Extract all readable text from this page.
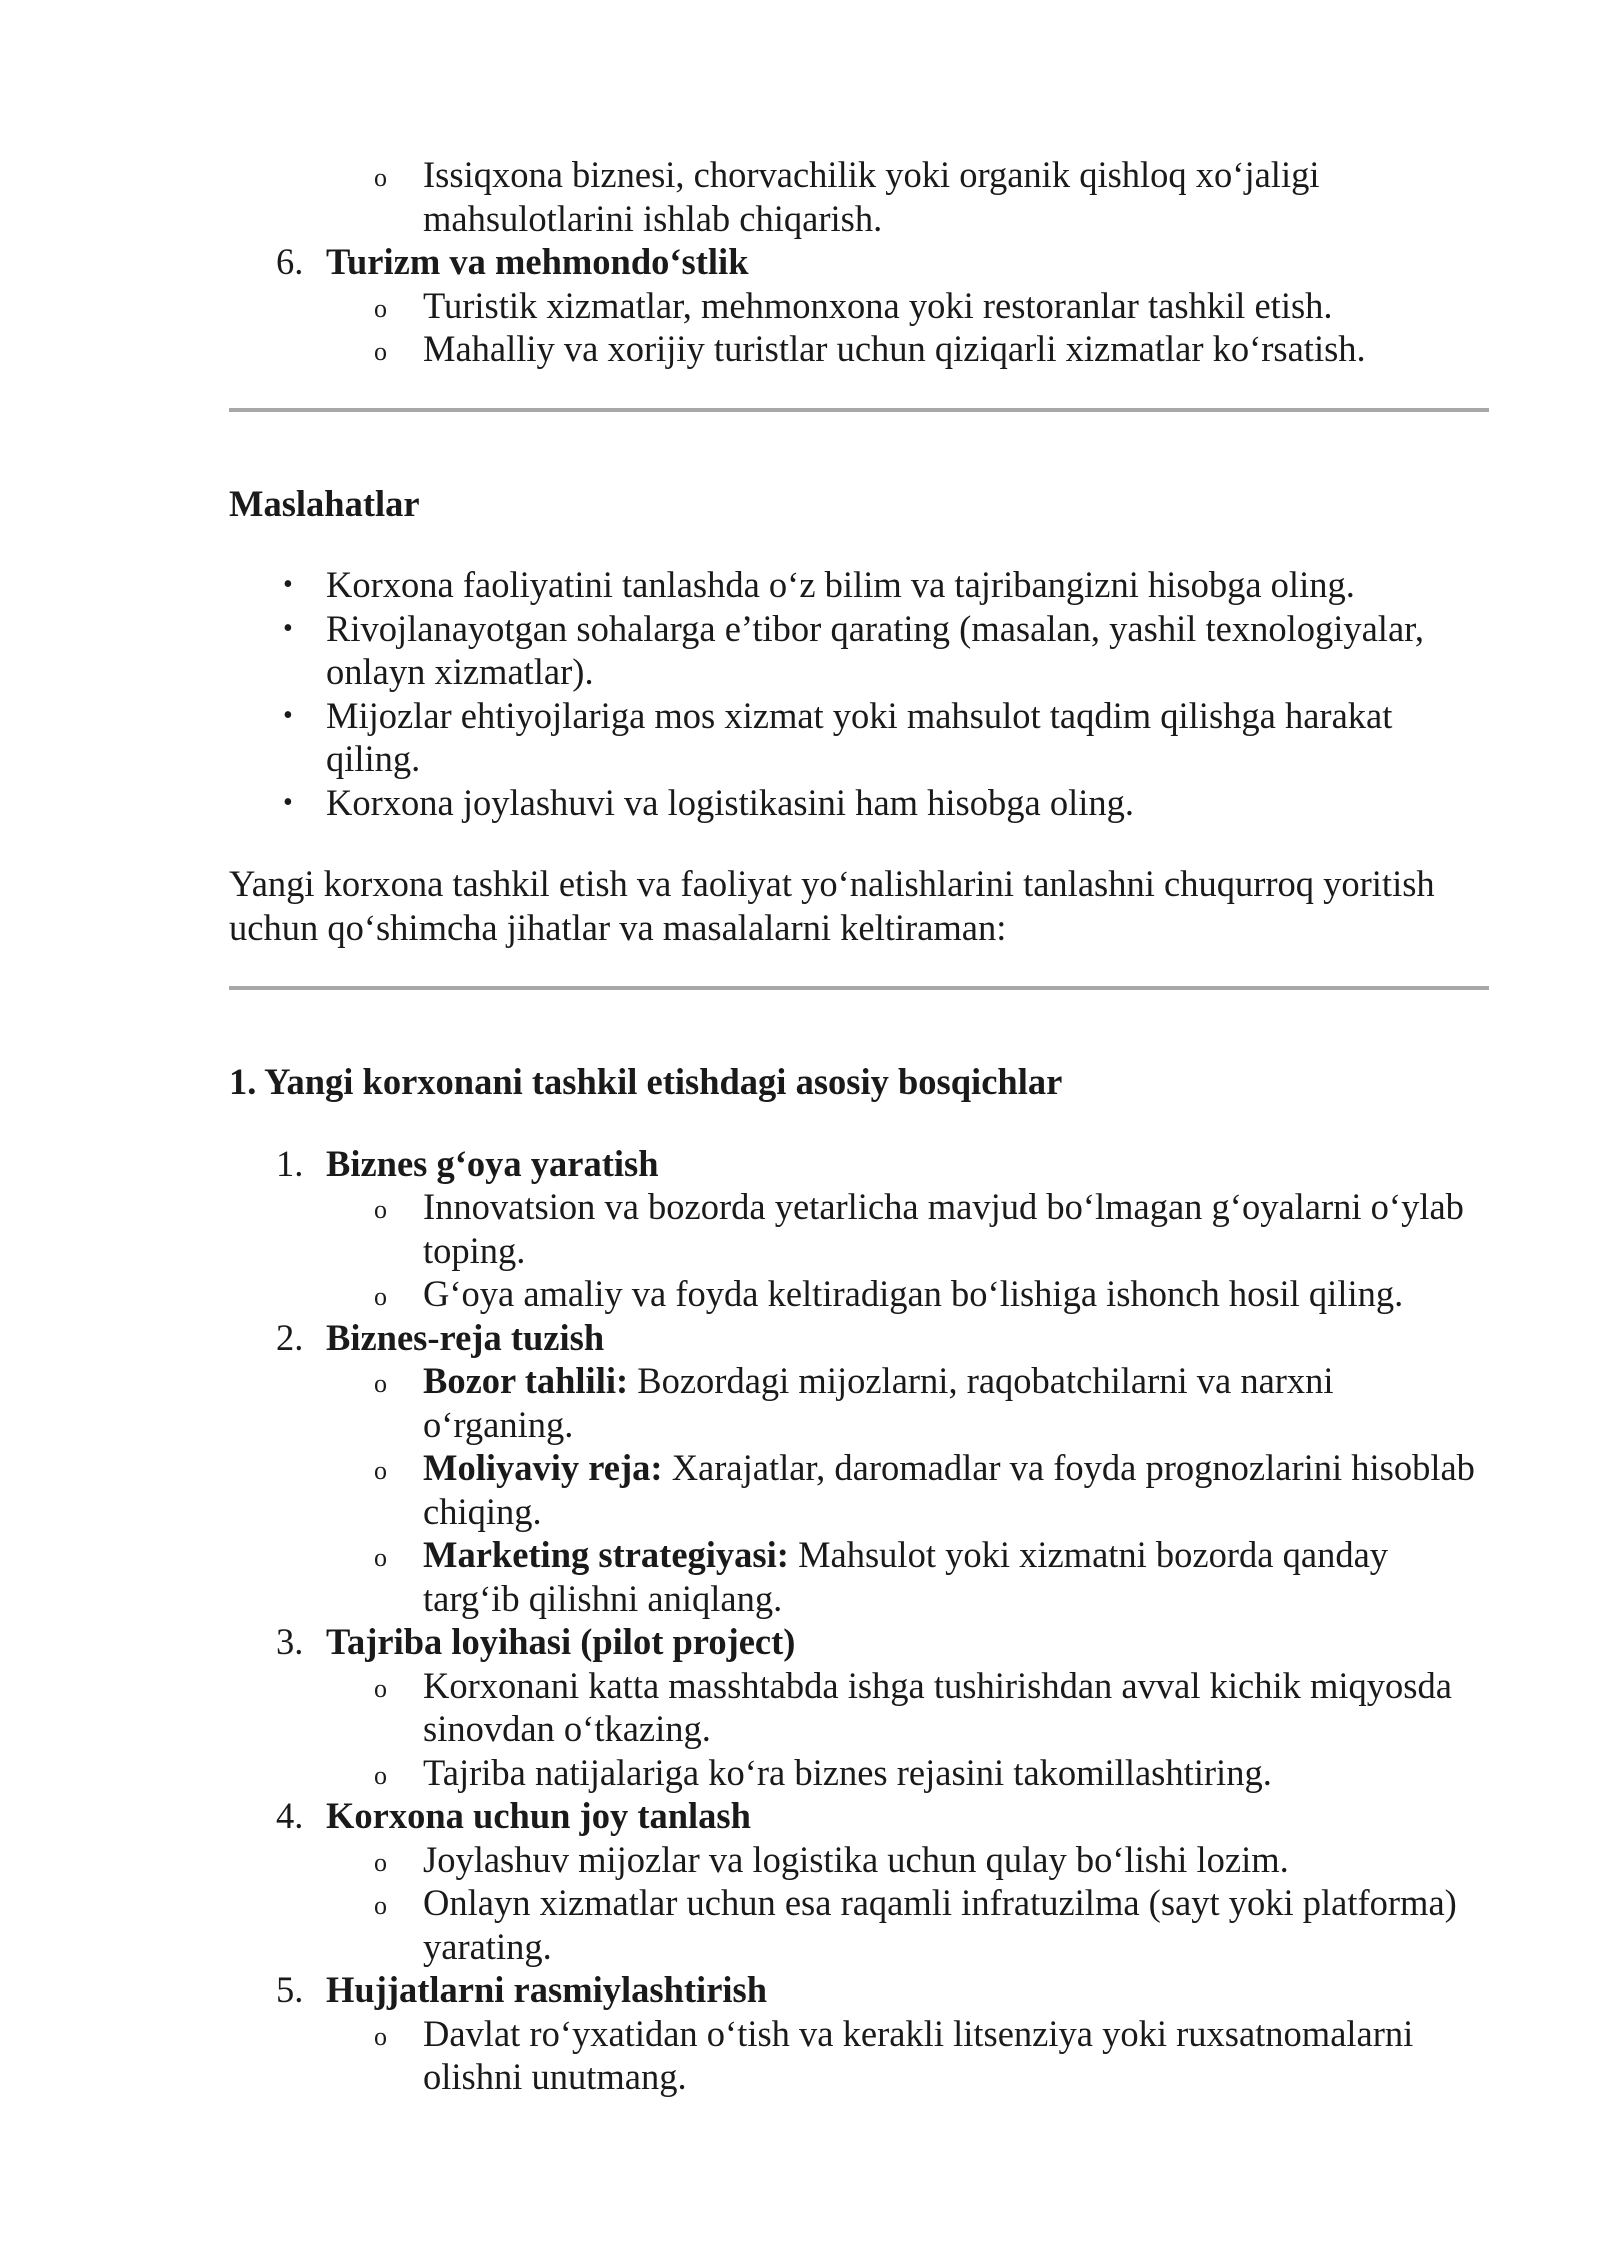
o Issiqxona biznesi, chorvachilik yoki organik qishloq xo‘jaligi mahsulotlarini ishlab chiqarish.
6. Turizm va mehmondo‘stlik
o Turistik xizmatlar, mehmonxona yoki restoranlar tashkil etish.
o Mahalliy va xorijiy turistlar uchun qiziqarli xizmatlar ko‘rsatish.
Maslahatlar
• Korxona faoliyatini tanlashda o‘z bilim va tajribangizni hisobga oling.
• Rivojlanayotgan sohalarga e’tibor qarating (masalan, yashil texnologiyalar, onlayn xizmatlar).
• Mijozlar ehtiyojlariga mos xizmat yoki mahsulot taqdim qilishga harakat qiling.
• Korxona joylashuvi va logistikasini ham hisobga oling.

Yangi korxona tashkil etish va faoliyat yo‘nalishlarini tanlashni chuqurroq yoritish uchun qo‘shimcha jihatlar va masalalarni keltiraman:

1. Yangi korxonani tashkil etishdagi asosiy bosqichlar
1. Biznes g‘oya yaratish
o Innovatsion va bozorda yetarlicha mavjud bo‘lmagan g‘oyalarni o‘ylab toping.
o G‘oya amaliy va foyda keltiradigan bo‘lishiga ishonch hosil qiling.
2. Biznes-reja tuzish
o Bozor tahlili: Bozordagi mijozlarni, raqobatchilarni va narxni o‘rganing.
o Moliyaviy reja: Xarajatlar, daromadlar va foyda prognozlarini hisoblab chiqing.
o Marketing strategiyasi: Mahsulot yoki xizmatni bozorda qanday targ‘ib qilishni aniqlang.
3. Tajriba loyihasi (pilot project)
o Korxonani katta masshtabda ishga tushirishdan avval kichik miqyosda sinovdan o‘tkazing.
o Tajriba natijalariga ko‘ra biznes rejasini takomillashtiring.
4. Korxona uchun joy tanlash
o Joylashuv mijozlar va logistika uchun qulay bo‘lishi lozim.
o Onlayn xizmatlar uchun esa raqamli infratuzilma (sayt yoki platforma) yarating.
5. Hujjatlarni rasmiylashtirish
o Davlat ro‘yxatidan o‘tish va kerakli litsenziya yoki ruxsatnomalarni olishni unutmang.
